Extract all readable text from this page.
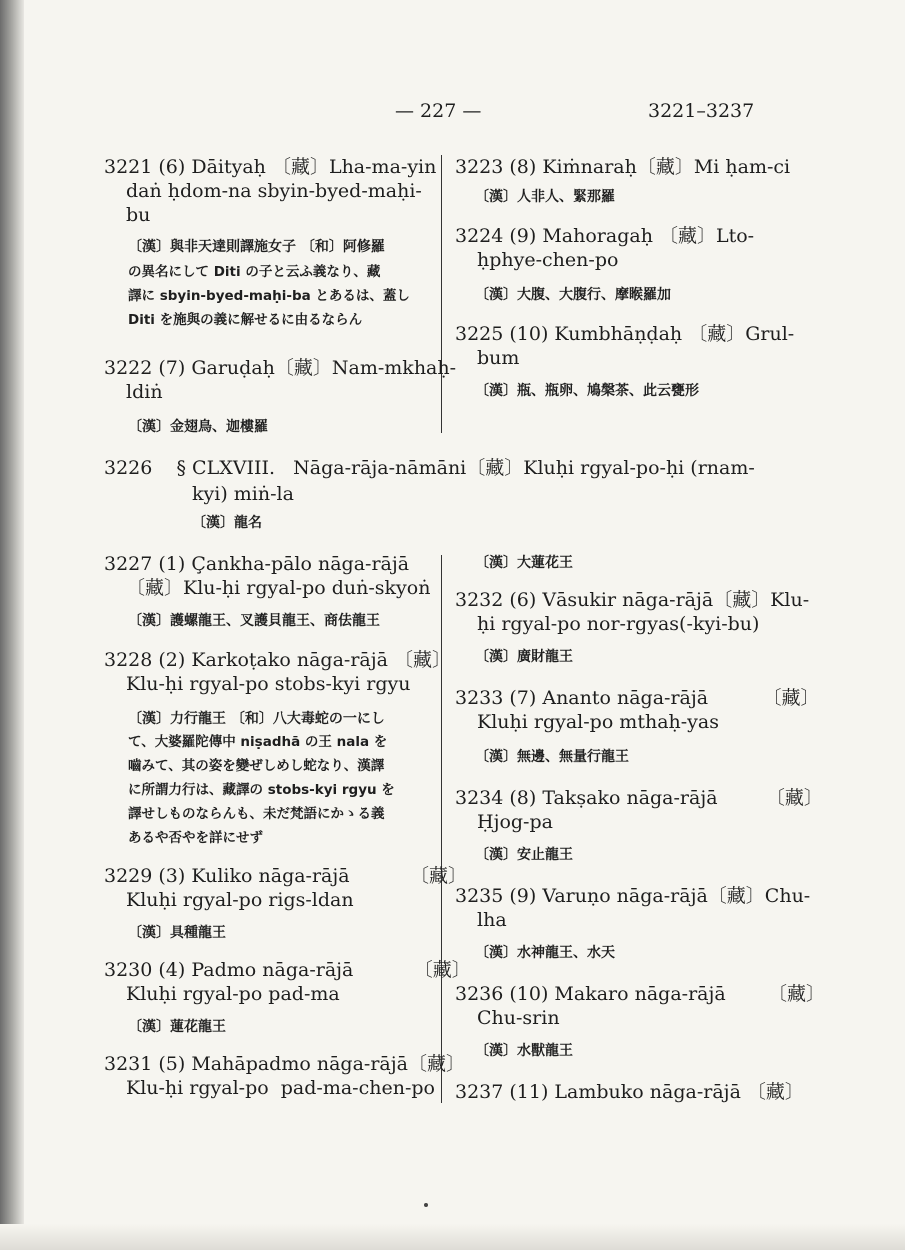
— 227 —	3221–3237
3221 (6) Dāityaḥ 〔藏〕Lha-ma-yin
daṅ ḥdom-na sbyin-byed-maḥi-
bu
〔漢〕與非天達則譯施女子 〔和〕阿修羅
の異名にして Diti の子と云ふ義なり、藏
譯に sbyin-byed-maḥi-ba とあるは、蓋し
Diti を施與の義に解せるに由るならん
3222 (7) Garuḍaḥ〔藏〕Nam-mkhaḥ-
ldiṅ
〔漢〕金翅鳥、迦樓羅
3223 (8) Kiṁnaraḥ〔藏〕Mi ḥam-ci
〔漢〕人非人、緊那羅
3224 (9) Mahoragaḥ 〔藏〕Lto-
ḥphye-chen-po
〔漢〕大腹、大腹行、摩睺羅加
3225 (10) Kumbhāṇḍaḥ 〔藏〕Grul-
bum
〔漢〕瓶、瓶卵、鳩槃茶、此云甕形
3226    § CLXVIII.   Nāga-rāja-nāmāni〔藏〕Kluḥi rgyal-po-ḥi (rnam-
kyi) miṅ-la
〔漢〕龍名
3227 (1) Çankha-pālo nāga-rājā
〔藏〕Klu-ḥi rgyal-po duṅ-skyoṅ
〔漢〕護螺龍王、叉護貝龍王、商佉龍王
3228 (2) Karkoṭako nāga-rājā 〔藏〕
Klu-ḥi rgyal-po stobs-kyi rgyu
〔漢〕力行龍王 〔和〕八大毒蛇の一にし
て、大婆羅陀傳中 niṣadhā の王 nala を
嚙みて、其の姿を變ぜしめし蛇なり、漢譯
に所謂力行は、藏譯の stobs-kyi rgyu を
譯せしものならんも、未だ梵語にかゝる義
あるや否やを詳にせず
3229 (3) Kuliko nāga-rājā          〔藏〕
Kluḥi rgyal-po rigs-ldan
〔漢〕具種龍王
3230 (4) Padmo nāga-rājā          〔藏〕
Kluḥi rgyal-po pad-ma
〔漢〕蓮花龍王
3231 (5) Mahāpadmo nāga-rājā〔藏〕
Klu-ḥi rgyal-po  pad-ma-chen-po
〔漢〕大蓮花王
3232 (6) Vāsukir nāga-rājā〔藏〕Klu-
ḥi rgyal-po nor-rgyas(-kyi-bu)
〔漢〕廣財龍王
3233 (7) Ananto nāga-rājā         〔藏〕
Kluḥi rgyal-po mthaḥ-yas
〔漢〕無邊、無量行龍王
3234 (8) Takṣako nāga-rājā        〔藏〕
Ḥjog-pa
〔漢〕安止龍王
3235 (9) Varuṇo nāga-rājā〔藏〕Chu-
lha
〔漢〕水神龍王、水天
3236 (10) Makaro nāga-rājā       〔藏〕
Chu-srin
〔漢〕水獸龍王
3237 (11) Lambuko nāga-rājā 〔藏〕
